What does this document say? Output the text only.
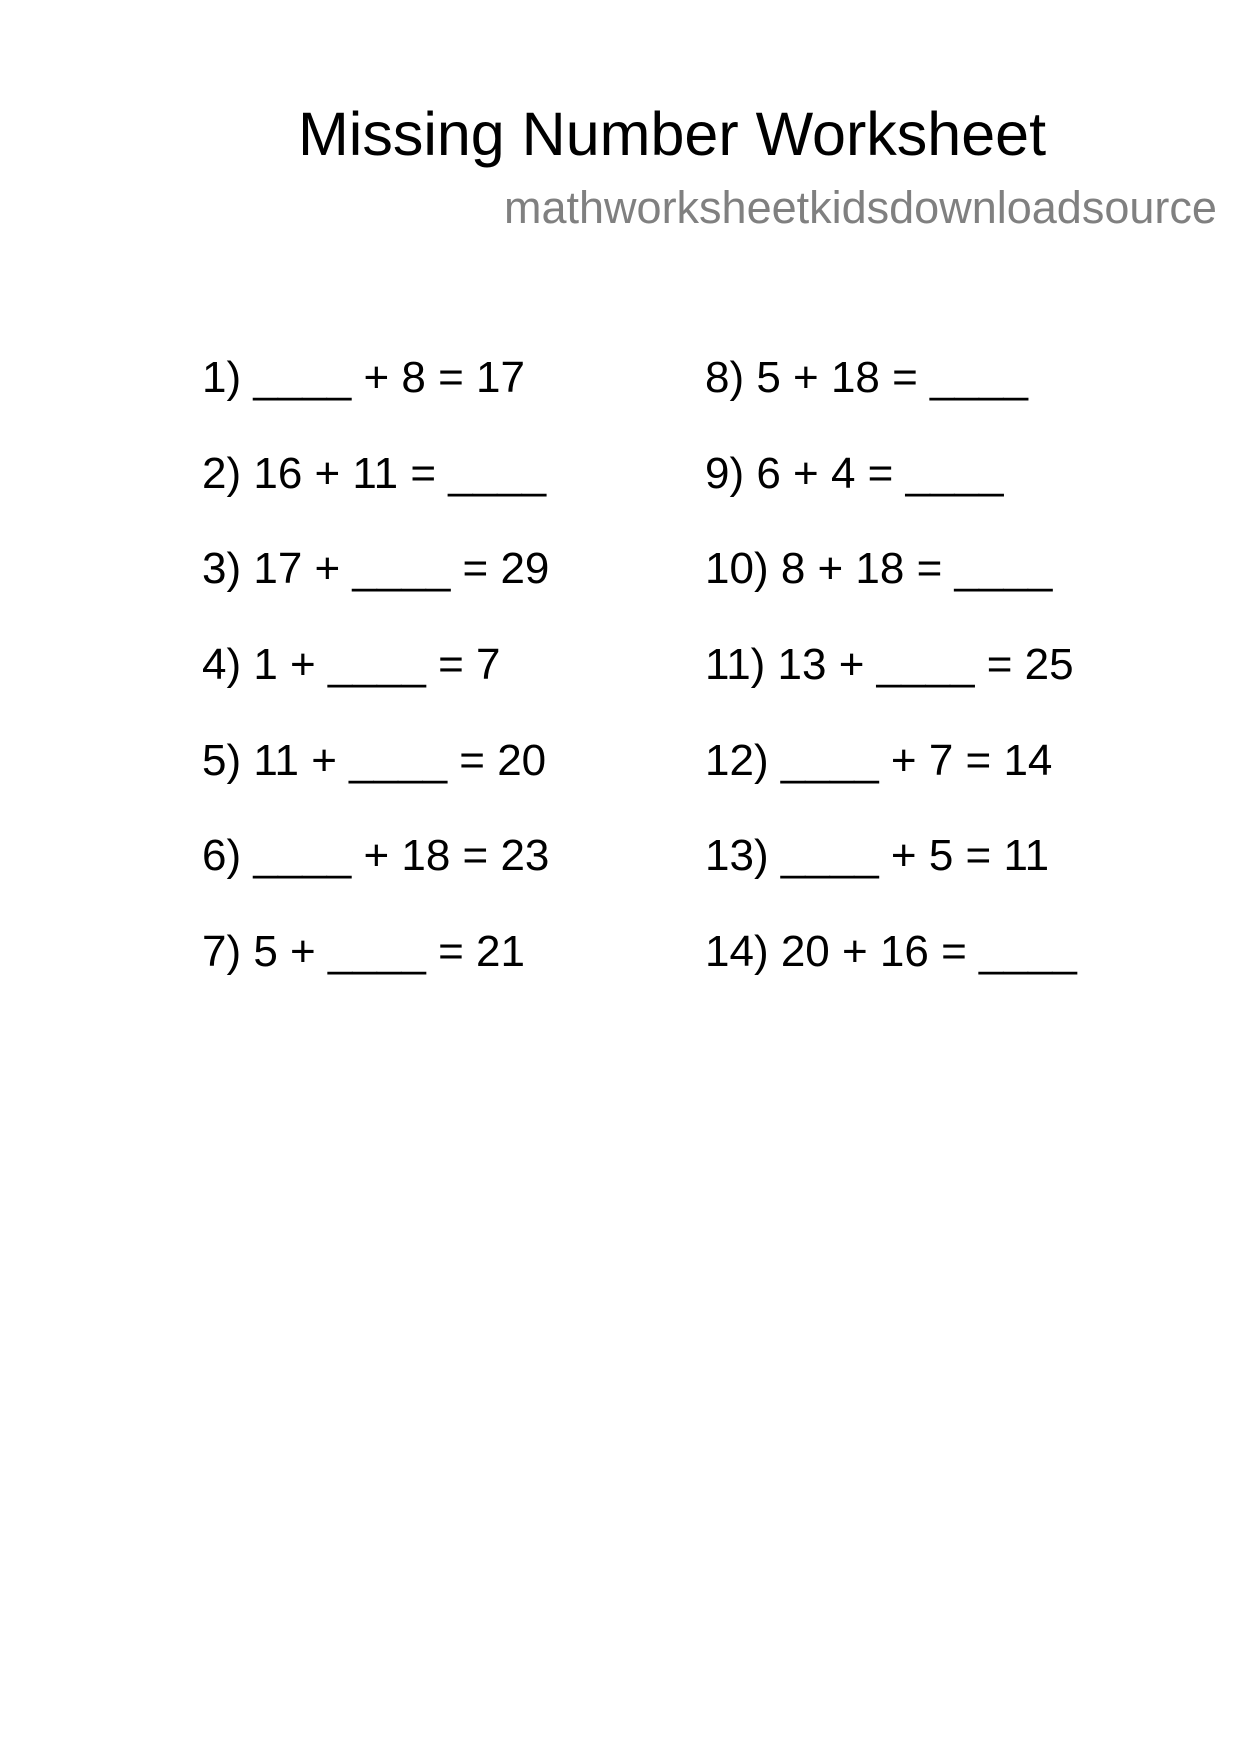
Missing Number Worksheet
mathworksheetkidsdownloadsource
1) ____ + 8 = 17
2) 16 + 11 = ____
3) 17 + ____ = 29
4) 1 + ____ = 7
5) 11 + ____ = 20
6) ____ + 18 = 23
7) 5 + ____ = 21
8) 5 + 18 = ____
9) 6 + 4 = ____
10) 8 + 18 = ____
11) 13 + ____ = 25
12) ____ + 7 = 14
13) ____ + 5 = 11
14) 20 + 16 = ____
